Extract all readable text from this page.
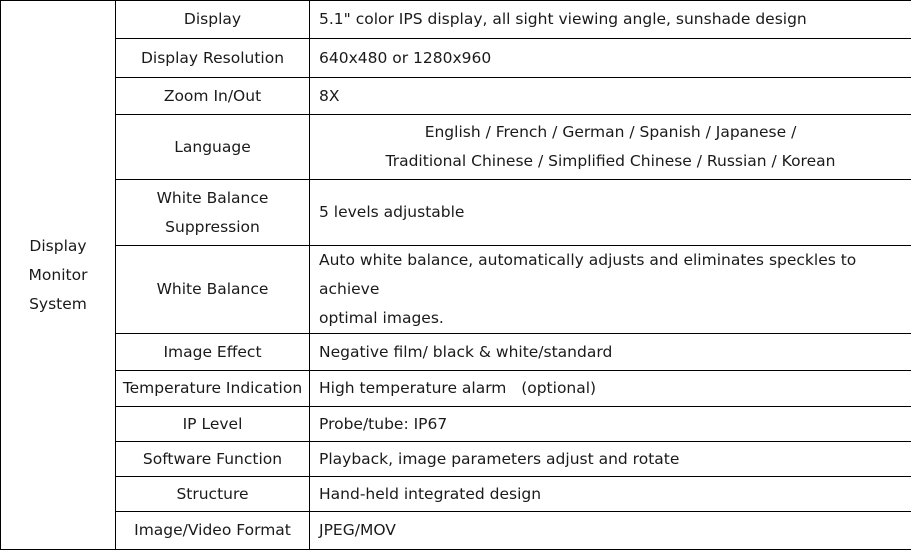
Display
Monitor
System	Display	5.1" color IPS display, all sight viewing angle, sunshade design

	Display Resolution	640x480 or 1280x960

	Zoom In/Out	8X

	Language	English / French / German / Spanish / Japanese /
Traditional Chinese / Simplified Chinese / Russian / Korean

	White Balance
Suppression	5 levels adjustable

	White Balance	Auto white balance, automatically adjusts and eliminates speckles to achieve
optimal images.

	Image Effect	Negative film/ black & white/standard

	Temperature Indication	High temperature alarm   (optional)

	IP Level	Probe/tube: IP67

	Software Function	Playback, image parameters adjust and rotate

	Structure	Hand-held integrated design

	Image/Video Format	JPEG/MOV
